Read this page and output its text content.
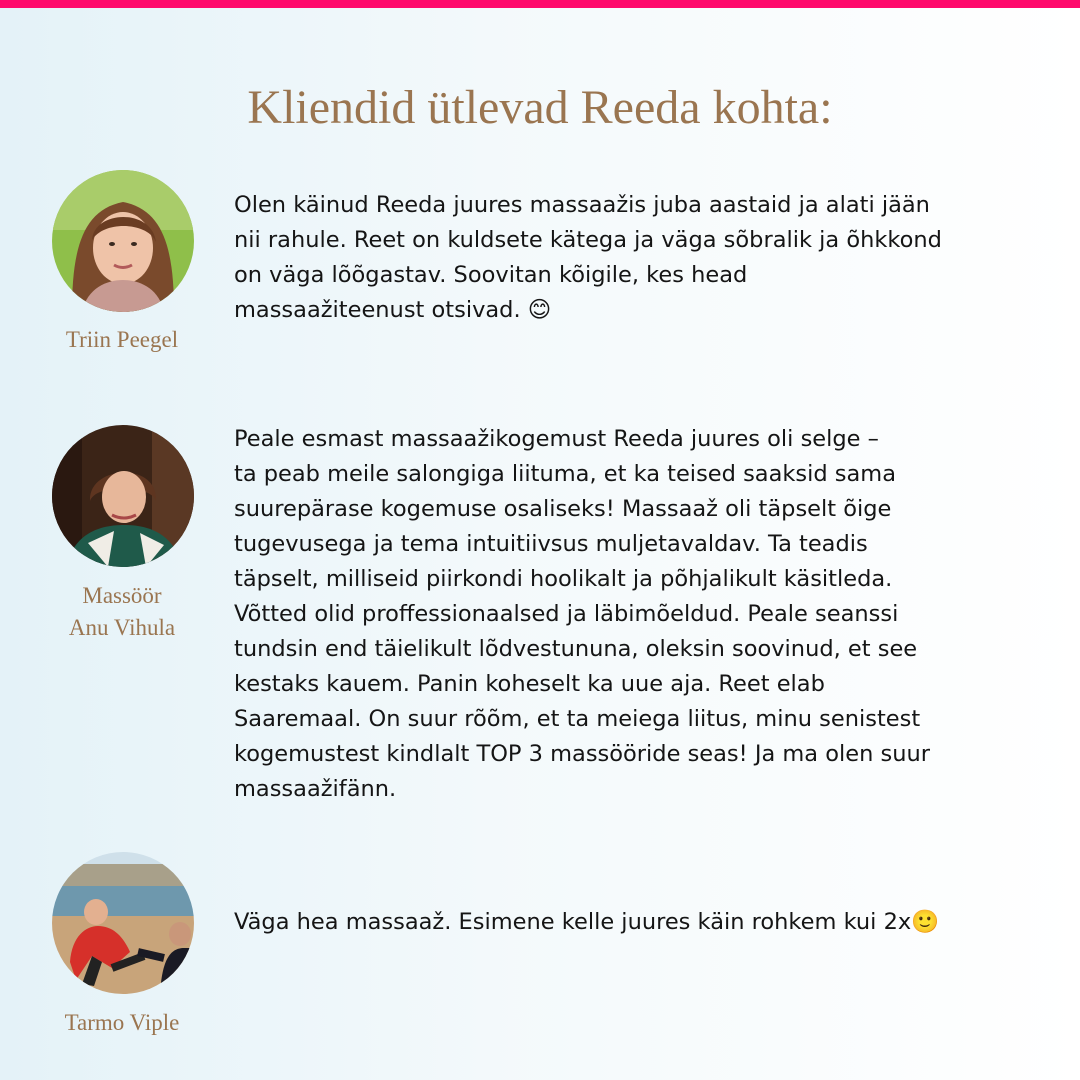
Kliendid ütlevad Reeda kohta:
Triin Peegel

Olen käinud Reeda juures massaažis juba aastaid ja alati jään
nii rahule. Reet on kuldsete kätega ja väga sõbralik ja õhkkond
on väga lõõgastav. Soovitan kõigile, kes head
massaažiteenust otsivad. 😊

Massöör
Anu Vihula

Peale esmast massaažikogemust Reeda juures oli selge –
ta peab meile salongiga liituma, et ka teised saaksid sama
suurepärase kogemuse osaliseks! Massaaž oli täpselt õige
tugevusega ja tema intuitiivsus muljetavaldav. Ta teadis
täpselt, milliseid piirkondi hoolikalt ja põhjalikult käsitleda.
Võtted olid proffessionaalsed ja läbimõeldud. Peale seanssi
tundsin end täielikult lõdvestununa, oleksin soovinud, et see
kestaks kauem. Panin koheselt ka uue aja. Reet elab
Saaremaal. On suur rõõm, et ta meiega liitus, minu senistest
kogemustest kindlalt TOP 3 massööride seas! Ja ma olen suur
massaažifänn.

Tarmo Viple

Väga hea massaaž. Esimene kelle juures käin rohkem kui 2x🙂
